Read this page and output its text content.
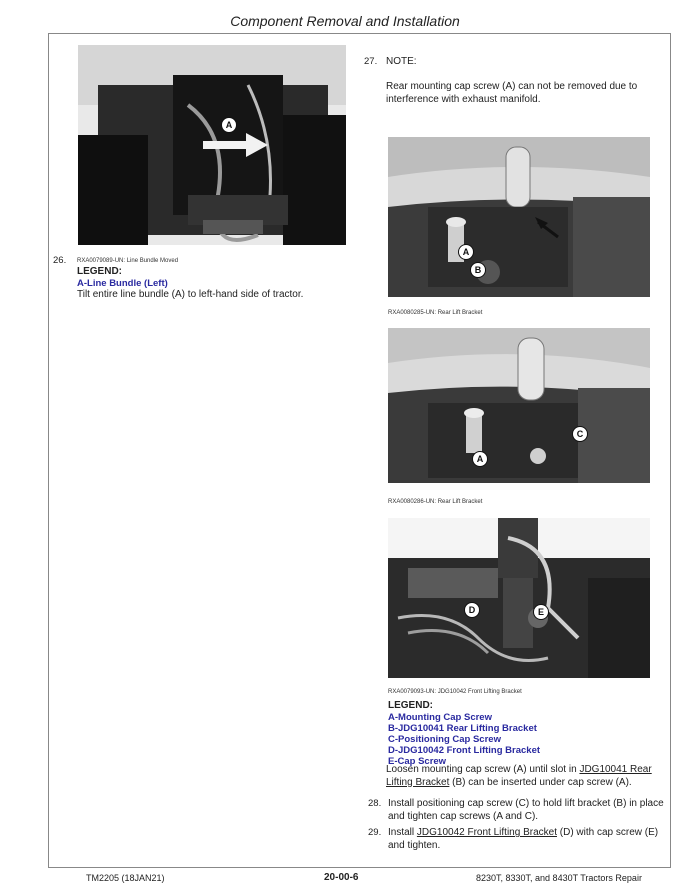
Component Removal and Installation
A
RXA0079089-UN: Line Bundle Moved
26.
LEGEND:
A-Line Bundle (Left)
Tilt entire line bundle (A) to left-hand side of tractor.
27. NOTE:
Rear mounting cap screw (A) can not be removed due to interference with exhaust manifold.
A
B
RXA0080285-UN: Rear Lift Bracket
C
A
RXA0080286-UN: Rear Lift Bracket
D	E
RXA0079093-UN: JDG10042 Front Lifting Bracket
LEGEND:
A-Mounting Cap Screw
B-JDG10041 Rear Lifting Bracket
C-Positioning Cap Screw
D-JDG10042 Front Lifting Bracket
E-Cap Screw
Loosen mounting cap screw (A) until slot in JDG10041 Rear Lifting Bracket (B) can be inserted under cap screw (A).
28. Install positioning cap screw (C) to hold lift bracket (B) in place and tighten cap screws (A and C).
29. Install JDG10042 Front Lifting Bracket (D) with cap screw (E) and tighten.
TM2205 (18JAN21)	20-00-6	8230T, 8330T, and 8430T Tractors Repair
